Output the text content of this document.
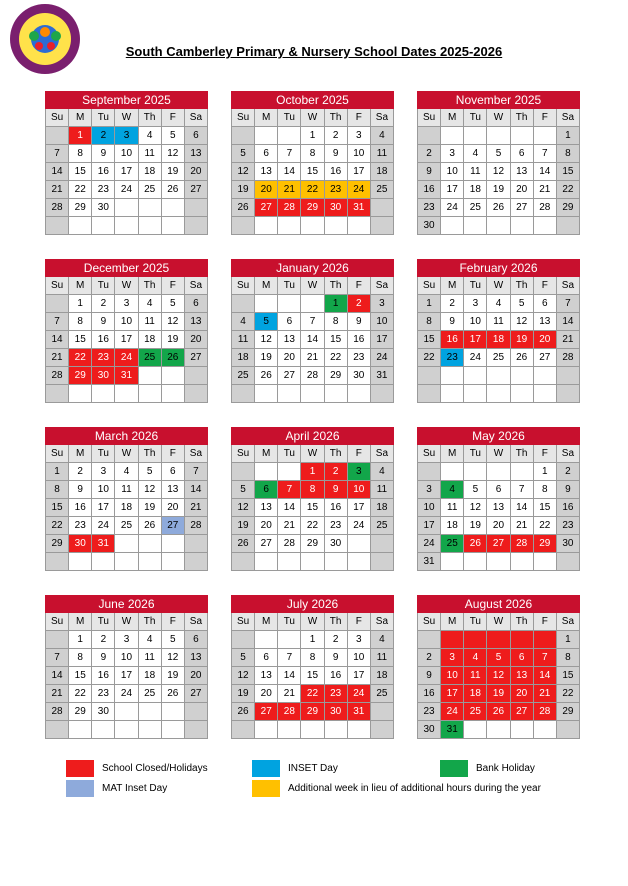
South Camberley Primary & Nursery School Dates 2025-2026
September 2025						
Su	M	Tu	W	Th	F	Sa
	1	2	3	4	5	6
7	8	9	10	11	12	13
14	15	16	17	18	19	20
21	22	23	24	25	26	27
28	29	30				

October 2025						
Su	M	Tu	W	Th	F	Sa
			1	2	3	4
5	6	7	8	9	10	11
12	13	14	15	16	17	18
19	20	21	22	23	24	25
26	27	28	29	30	31	

November 2025						
Su	M	Tu	W	Th	F	Sa
						1
2	3	4	5	6	7	8
9	10	11	12	13	14	15
16	17	18	19	20	21	22
23	24	25	26	27	28	29
30						
December 2025						
Su	M	Tu	W	Th	F	Sa
	1	2	3	4	5	6
7	8	9	10	11	12	13
14	15	16	17	18	19	20
21	22	23	24	25	26	27
28	29	30	31			

January 2026						
Su	M	Tu	W	Th	F	Sa
				1	2	3
4	5	6	7	8	9	10
11	12	13	14	15	16	17
18	19	20	21	22	23	24
25	26	27	28	29	30	31

February 2026						
Su	M	Tu	W	Th	F	Sa
1	2	3	4	5	6	7
8	9	10	11	12	13	14
15	16	17	18	19	20	21
22	23	24	25	26	27	28

March 2026						
Su	M	Tu	W	Th	F	Sa
1	2	3	4	5	6	7
8	9	10	11	12	13	14
15	16	17	18	19	20	21
22	23	24	25	26	27	28
29	30	31				

April 2026						
Su	M	Tu	W	Th	F	Sa
			1	2	3	4
5	6	7	8	9	10	11
12	13	14	15	16	17	18
19	20	21	22	23	24	25
26	27	28	29	30		

May 2026						
Su	M	Tu	W	Th	F	Sa
					1	2
3	4	5	6	7	8	9
10	11	12	13	14	15	16
17	18	19	20	21	22	23
24	25	26	27	28	29	30
31						
June 2026						
Su	M	Tu	W	Th	F	Sa
	1	2	3	4	5	6
7	8	9	10	11	12	13
14	15	16	17	18	19	20
21	22	23	24	25	26	27
28	29	30				

July 2026						
Su	M	Tu	W	Th	F	Sa
			1	2	3	4
5	6	7	8	9	10	11
12	13	14	15	16	17	18
19	20	21	22	23	24	25
26	27	28	29	30	31	

August 2026						
Su	M	Tu	W	Th	F	Sa
						1
2	3	4	5	6	7	8
9	10	11	12	13	14	15
16	17	18	19	20	21	22
23	24	25	26	27	28	29
30	31					
School Closed/Holidays	INSET Day	Bank Holiday
MAT Inset Day	Additional week in lieu of additional hours during the year
